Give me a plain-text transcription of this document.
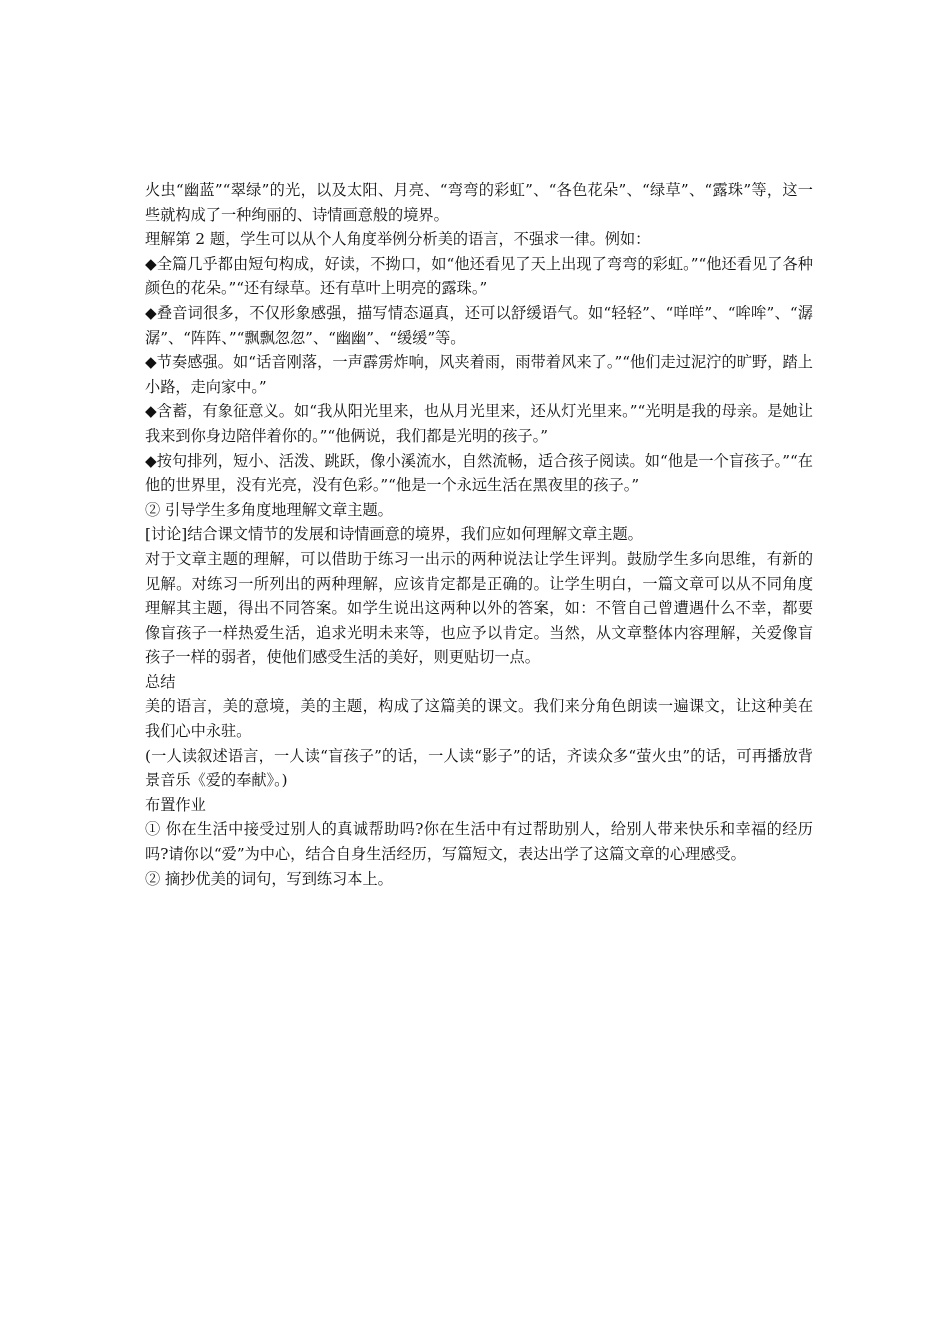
火虫“幽蓝”“翠绿”的光，以及太阳、月亮、“弯弯的彩虹”、“各色花朵”、“绿草”、“露珠”等，这一些就构成了一种绚丽的、诗情画意般的境界。

理解第 2 题，学生可以从个人角度举例分析美的语言，不强求一律。例如：

◆全篇几乎都由短句构成，好读，不拗口，如“他还看见了天上出现了弯弯的彩虹。”“他还看见了各种颜色的花朵。”“还有绿草。还有草叶上明亮的露珠。”

◆叠音词很多，不仅形象感强，描写情态逼真，还可以舒缓语气。如“轻轻”、“咩咩”、“哞哞”、“潺潺”、“阵阵、”“飘飘忽忽”、“幽幽”、“缓缓”等。

◆节奏感强。如“话音刚落，一声霹雳炸响，风夹着雨，雨带着风来了。”“他们走过泥泞的旷野，踏上小路，走向家中。”

◆含蓄，有象征意义。如“我从阳光里来，也从月光里来，还从灯光里来。”“光明是我的母亲。是她让我来到你身边陪伴着你的。”“他俩说，我们都是光明的孩子。”

◆按句排列，短小、活泼、跳跃，像小溪流水，自然流畅，适合孩子阅读。如“他是一个盲孩子。”“在他的世界里，没有光亮，没有色彩。”“他是一个永远生活在黑夜里的孩子。”

② 引导学生多角度地理解文章主题。

[讨论]结合课文情节的发展和诗情画意的境界，我们应如何理解文章主题。

对于文章主题的理解，可以借助于练习一出示的两种说法让学生评判。鼓励学生多向思维，有新的见解。对练习一所列出的两种理解，应该肯定都是正确的。让学生明白，一篇文章可以从不同角度理解其主题，得出不同答案。如学生说出这两种以外的答案，如：不管自己曾遭遇什么不幸，都要像盲孩子一样热爱生活，追求光明未来等，也应予以肯定。当然，从文章整体内容理解，关爱像盲孩子一样的弱者，使他们感受生活的美好，则更贴切一点。

总结

美的语言，美的意境，美的主题，构成了这篇美的课文。我们来分角色朗读一遍课文，让这种美在我们心中永驻。

(一人读叙述语言，一人读“盲孩子”的话，一人读“影子”的话，齐读众多“萤火虫”的话，可再播放背景音乐《爱的奉献》。)

布置作业

① 你在生活中接受过别人的真诚帮助吗?你在生活中有过帮助别人，给别人带来快乐和幸福的经历吗?请你以“爱”为中心，结合自身生活经历，写篇短文，表达出学了这篇文章的心理感受。

② 摘抄优美的词句，写到练习本上。
